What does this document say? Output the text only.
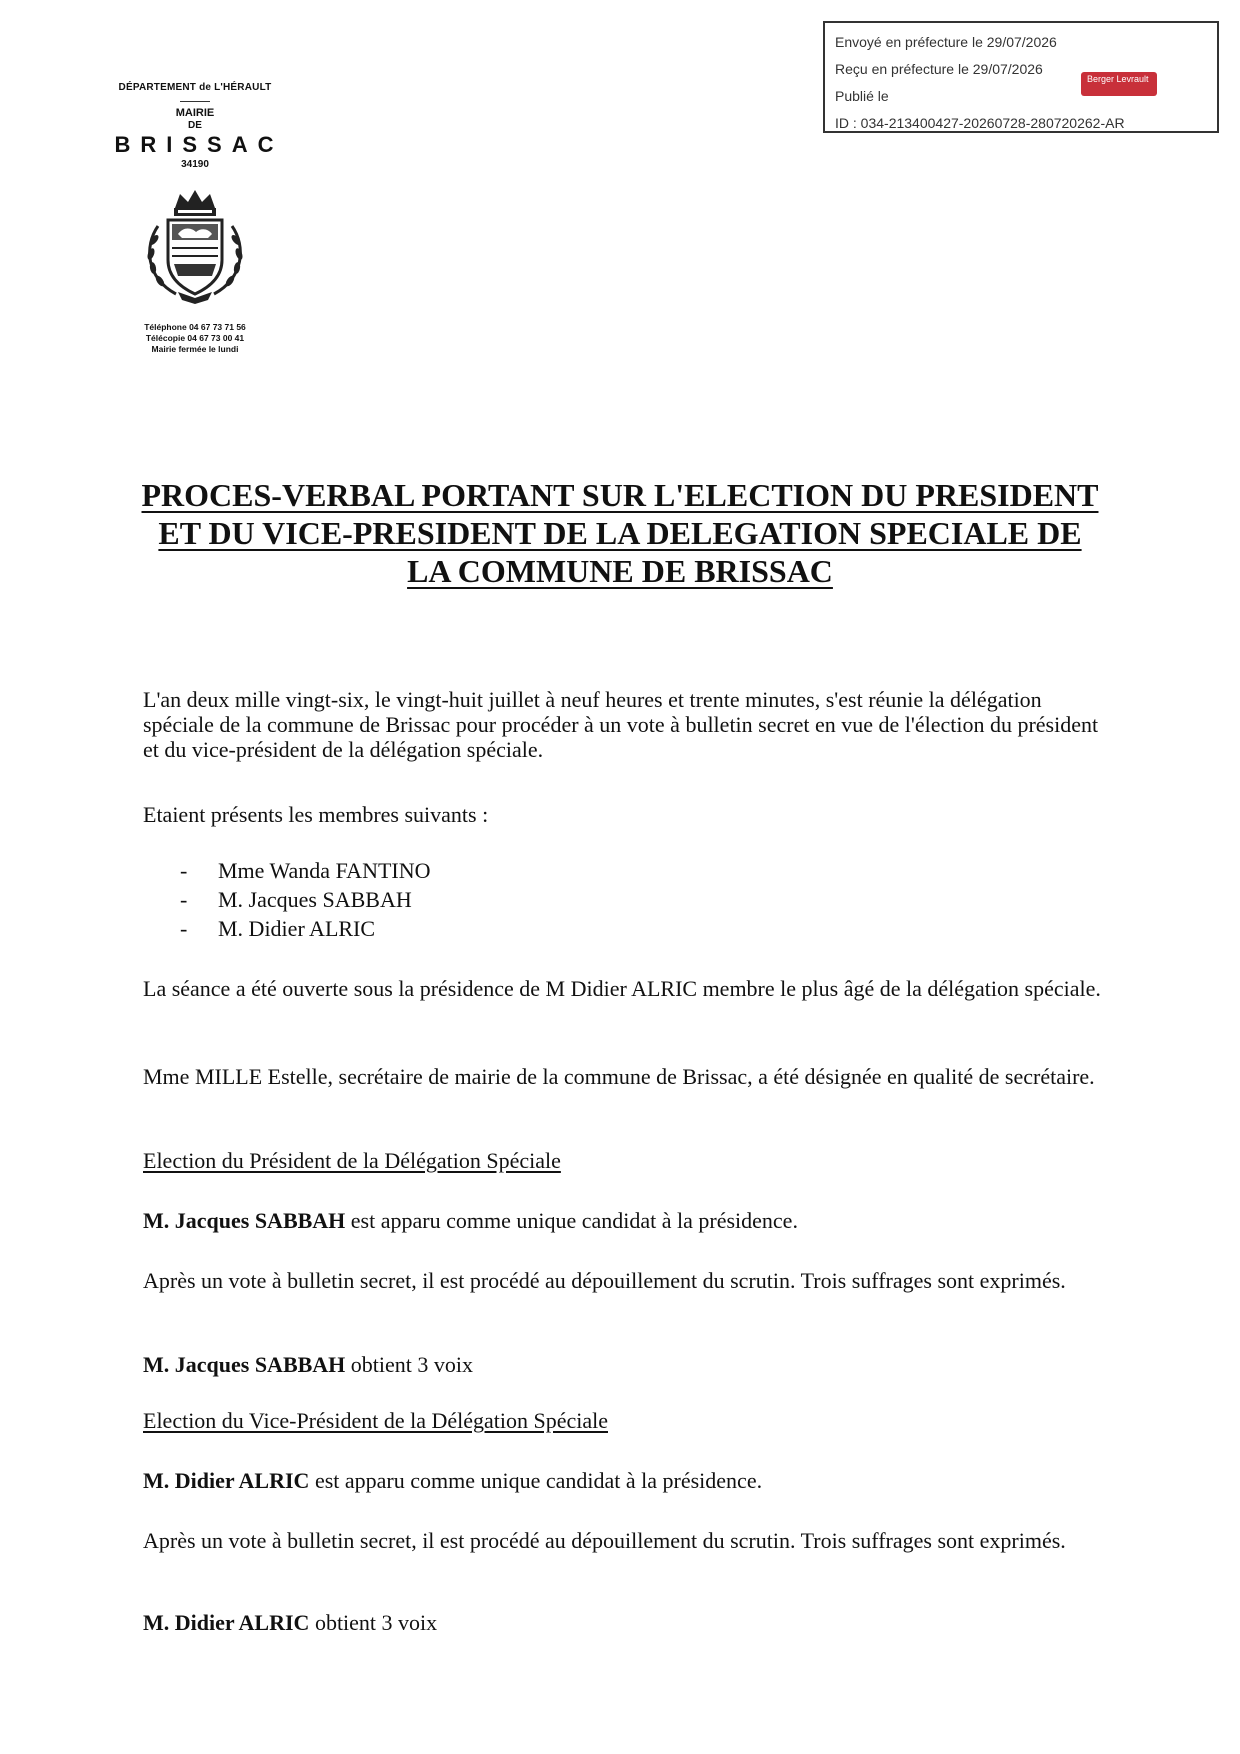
Envoyé en préfecture le 29/07/2026
Reçu en préfecture le 29/07/2026
Publié le
ID : 034-213400427-20260728-280720262-AR
Berger Levrault
DÉPARTEMENT de L'HÉRAULT
MAIRIE
DE
BRISSAC
34190
Téléphone 04 67 73 71 56
Télécopie 04 67 73 00 41
Mairie fermée le lundi
PROCES-VERBAL PORTANT SUR L'ELECTION DU PRESIDENT ET DU VICE-PRESIDENT DE LA DELEGATION SPECIALE DE LA COMMUNE DE BRISSAC
L'an deux mille vingt-six, le vingt-huit juillet à neuf heures et trente minutes, s'est réunie la délégation spéciale de la commune de Brissac pour procéder à un vote à bulletin secret en vue de l'élection du président et du vice-président de la délégation spéciale.
Etaient présents les membres suivants :
-	Mme Wanda FANTINO
-	M. Jacques SABBAH
-	M. Didier ALRIC
La séance a été ouverte sous la présidence de M Didier ALRIC membre le plus âgé de la délégation spéciale.
Mme MILLE Estelle, secrétaire de mairie de la commune de Brissac, a été désignée en qualité de secrétaire.
Election du Président de la Délégation Spéciale
M. Jacques SABBAH est apparu comme unique candidat à la présidence.
Après un vote à bulletin secret, il est procédé au dépouillement du scrutin. Trois suffrages sont exprimés.
M. Jacques SABBAH obtient 3 voix
Election du Vice-Président de la Délégation Spéciale
M. Didier ALRIC est apparu comme unique candidat à la présidence.
Après un vote à bulletin secret, il est procédé au dépouillement du scrutin. Trois suffrages sont exprimés.
M. Didier ALRIC obtient 3 voix
